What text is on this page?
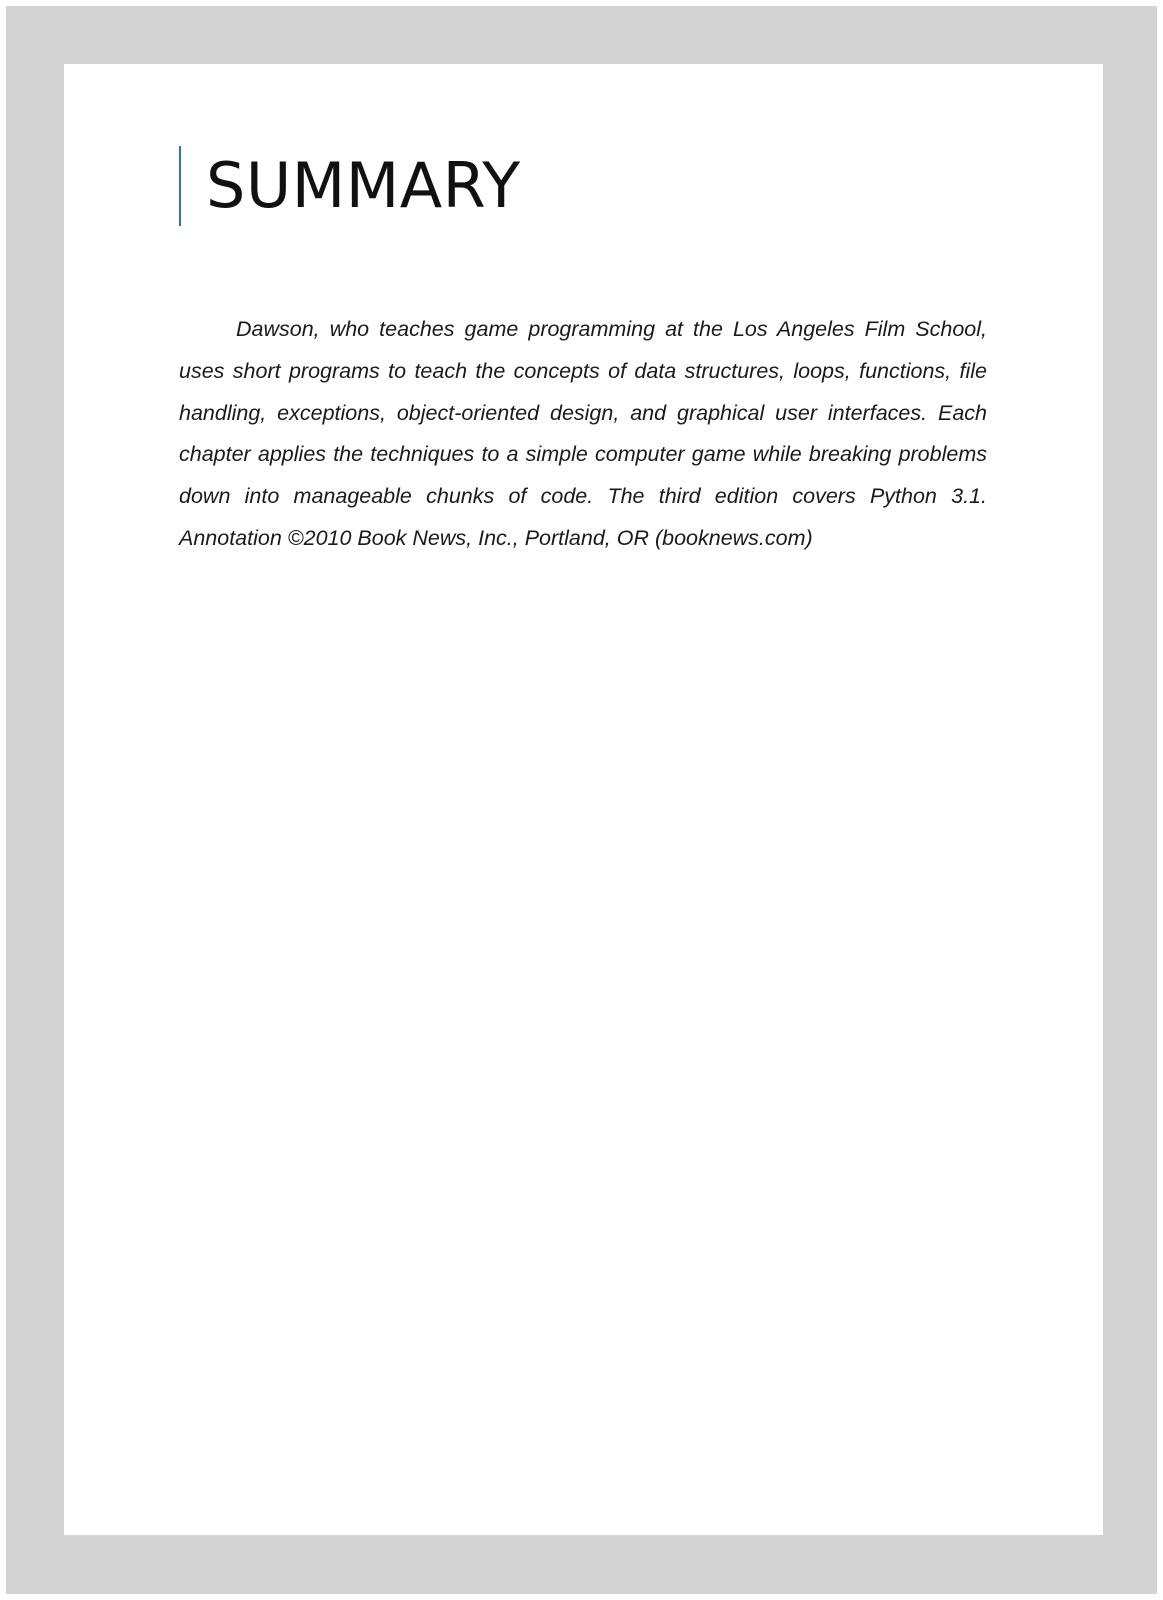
SUMMARY

Dawson, who teaches game programming at the Los Angeles Film School, uses short programs to teach the concepts of data structures, loops, functions, file handling, exceptions, object-oriented design, and graphical user interfaces. Each chapter applies the techniques to a simple computer game while breaking problems down into manageable chunks of code. The third edition covers Python 3.1. Annotation ©2010 Book News, Inc., Portland, OR (booknews.com)
